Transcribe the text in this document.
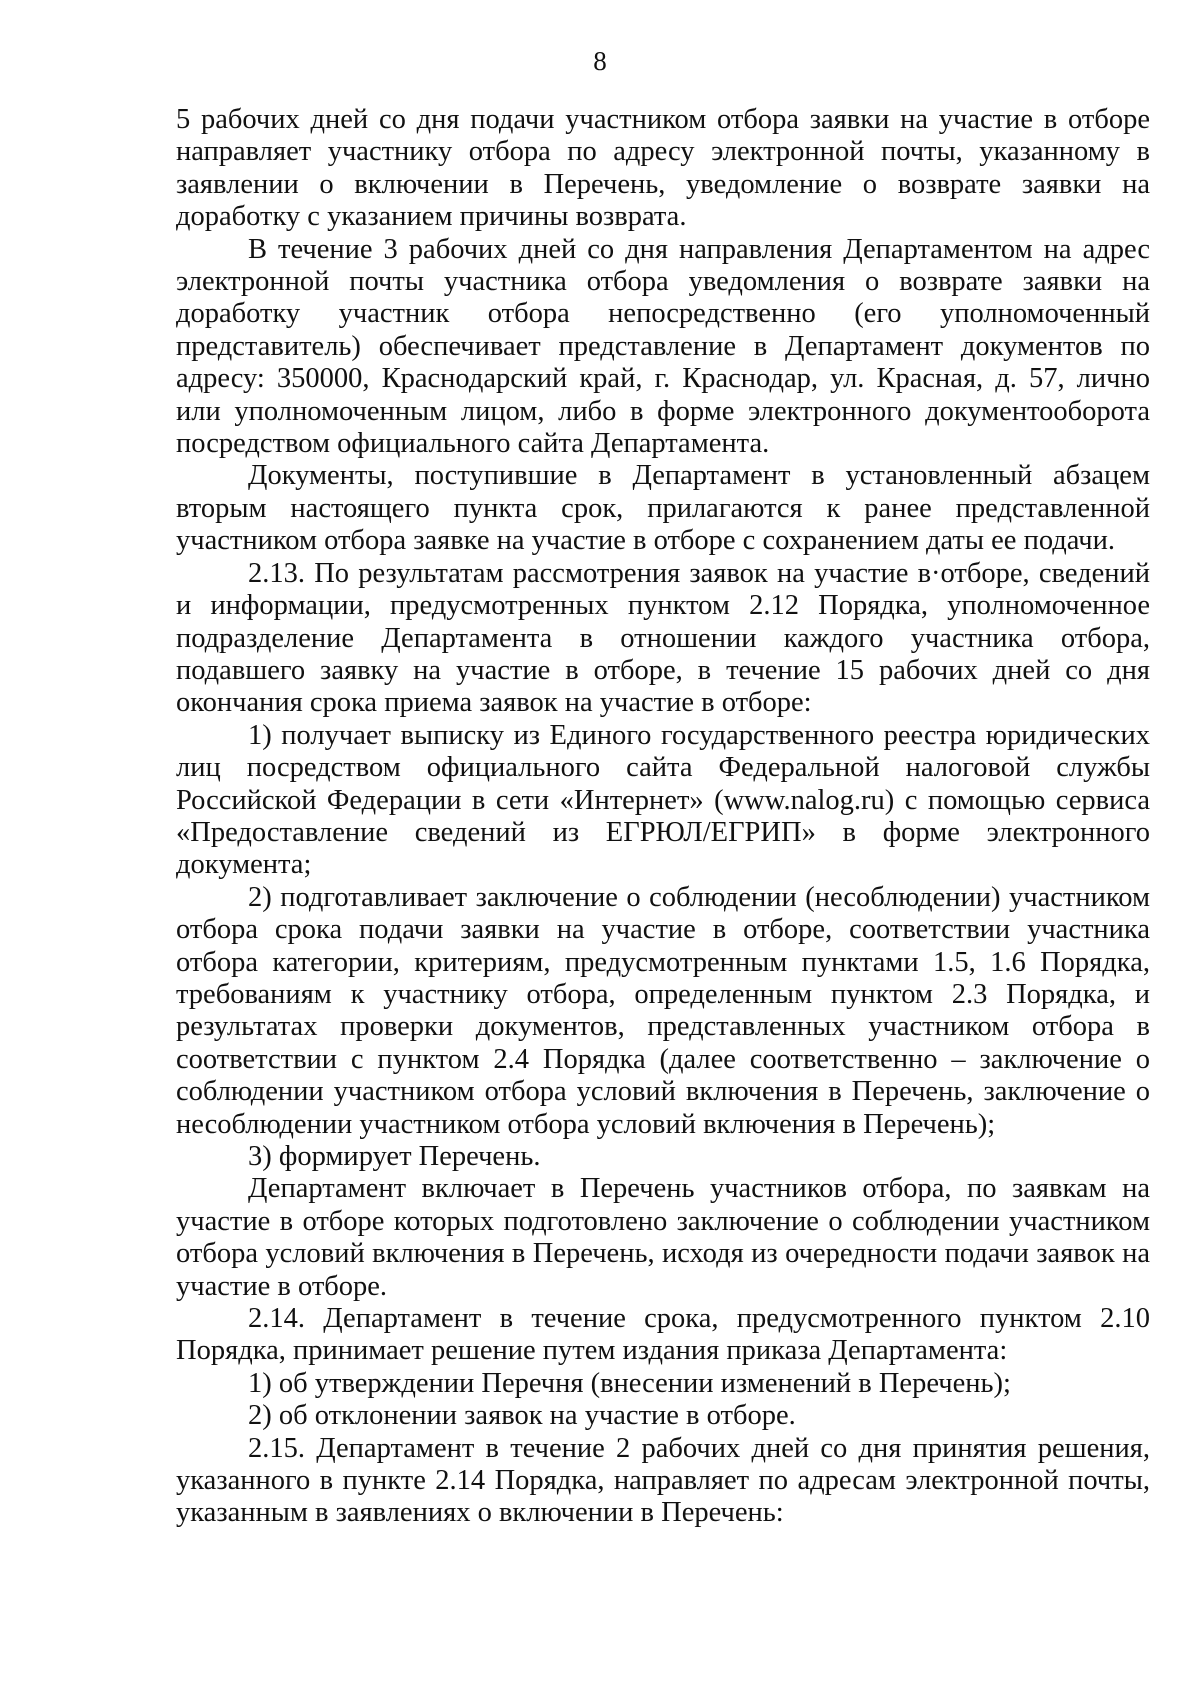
8

5 рабочих дней со дня подачи участником отбора заявки на участие в отборе направляет участнику отбора по адресу электронной почты, указанному в заявлении о включении в Перечень, уведомление о возврате заявки на доработку с указанием причины возврата.

В течение 3 рабочих дней со дня направления Департаментом на адрес электронной почты участника отбора уведомления о возврате заявки на доработку участник отбора непосредственно (его уполномоченный представитель) обеспечивает представление в Департамент документов по адресу: 350000, Краснодарский край, г. Краснодар, ул. Красная, д. 57, лично или уполномоченным лицом, либо в форме электронного документооборота посредством официального сайта Департамента.

Документы, поступившие в Департамент в установленный абзацем вторым настоящего пункта срок, прилагаются к ранее представленной участником отбора заявке на участие в отборе с сохранением даты ее подачи.

2.13. По результатам рассмотрения заявок на участие в·отборе, сведений и информации, предусмотренных пунктом 2.12 Порядка, уполномоченное подразделение Департамента в отношении каждого участника отбора, подавшего заявку на участие в отборе, в течение 15 рабочих дней со дня окончания срока приема заявок на участие в отборе:

1) получает выписку из Единого государственного реестра юридических лиц посредством официального сайта Федеральной налоговой службы Российской Федерации в сети «Интернет» (www.nalog.ru) с помощью сервиса «Предоставление сведений из ЕГРЮЛ/ЕГРИП» в форме электронного документа;

2) подготавливает заключение о соблюдении (несоблюдении) участником отбора срока подачи заявки на участие в отборе, соответствии участника отбора категории, критериям, предусмотренным пунктами 1.5, 1.6 Порядка, требованиям к участнику отбора, определенным пунктом 2.3 Порядка, и результатах проверки документов, представленных участником отбора в соответствии с пунктом 2.4 Порядка (далее соответственно – заключение о соблюдении участником отбора условий включения в Перечень, заключение о несоблюдении участником отбора условий включения в Перечень);

3) формирует Перечень.

Департамент включает в Перечень участников отбора, по заявкам на участие в отборе которых подготовлено заключение о соблюдении участником отбора условий включения в Перечень, исходя из очередности подачи заявок на участие в отборе.

2.14. Департамент в течение срока, предусмотренного пунктом 2.10 Порядка, принимает решение путем издания приказа Департамента:

1) об утверждении Перечня (внесении изменений в Перечень);

2) об отклонении заявок на участие в отборе.

2.15. Департамент в течение 2 рабочих дней со дня принятия решения, указанного в пункте 2.14 Порядка, направляет по адресам электронной почты, указанным в заявлениях о включении в Перечень:
